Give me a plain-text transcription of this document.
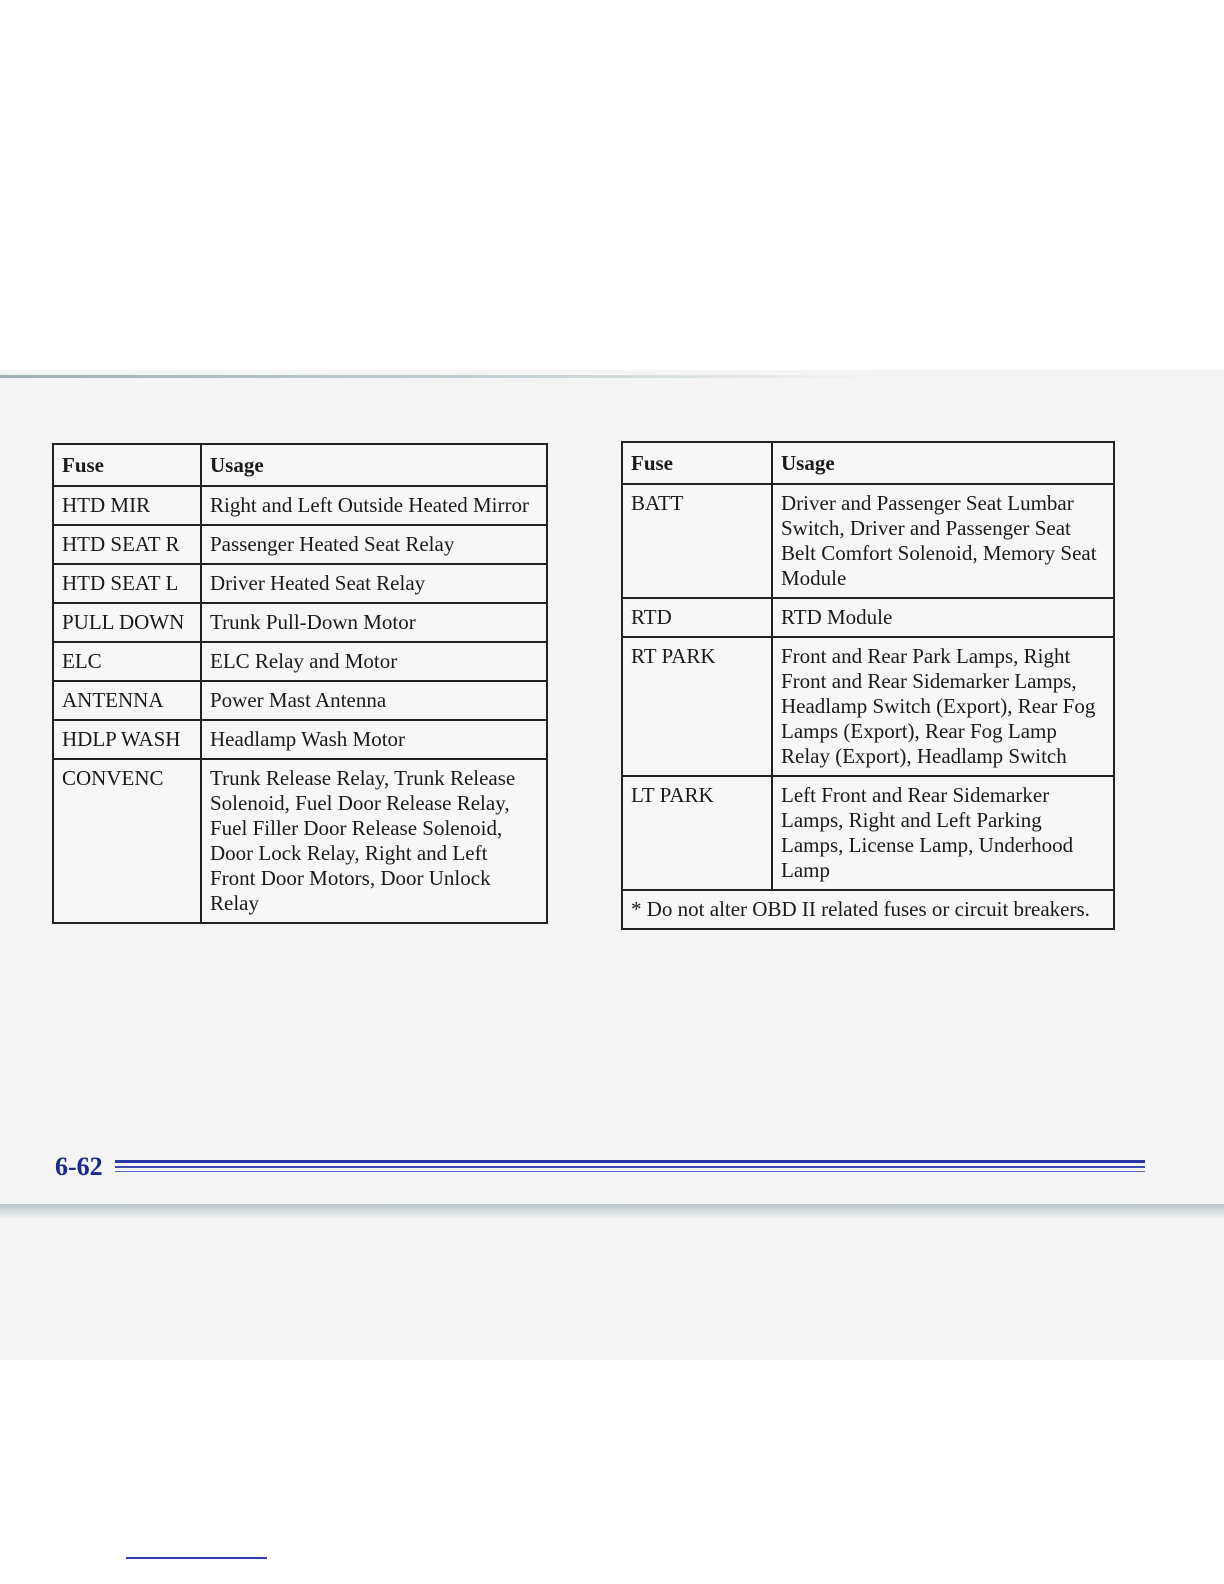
Fuse	Usage
HTD MIR	Right and Left Outside Heated Mirror
HTD SEAT R	Passenger Heated Seat Relay
HTD SEAT L	Driver Heated Seat Relay
PULL DOWN	Trunk Pull-Down Motor
ELC	ELC Relay and Motor
ANTENNA	Power Mast Antenna
HDLP WASH	Headlamp Wash Motor
CONVENC	Trunk Release Relay, Trunk Release Solenoid, Fuel Door Release Relay, Fuel Filler Door Release Solenoid, Door Lock Relay, Right and Left Front Door Motors, Door Unlock Relay
Fuse	Usage
BATT	Driver and Passenger Seat Lumbar Switch, Driver and Passenger Seat Belt Comfort Solenoid, Memory Seat Module
RTD	RTD Module
RT PARK	Front and Rear Park Lamps, Right Front and Rear Sidemarker Lamps, Headlamp Switch (Export), Rear Fog Lamps (Export), Rear Fog Lamp Relay (Export), Headlamp Switch
LT PARK	Left Front and Rear Sidemarker Lamps, Right and Left Parking Lamps, License Lamp, Underhood Lamp

* Do not alter OBD II related fuses or circuit breakers.	
6-62
